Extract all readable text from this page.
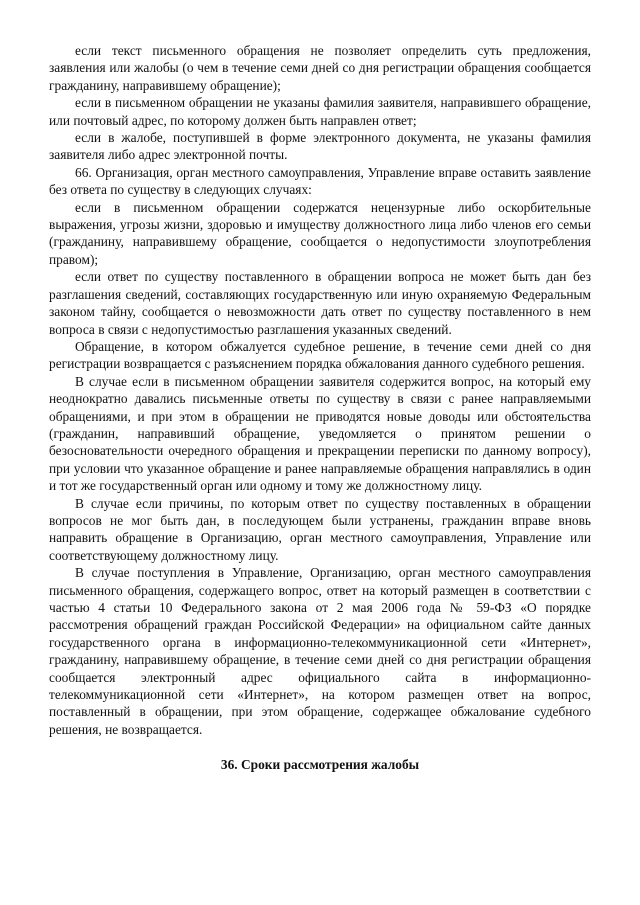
если текст письменного обращения не позволяет определить суть предложения, заявления или жалобы (о чем в течение семи дней со дня регистрации обращения сообщается гражданину, направившему обращение);

если в письменном обращении не указаны фамилия заявителя, направившего обращение, или почтовый адрес, по которому должен быть направлен ответ;

если в жалобе, поступившей в форме электронного документа, не указаны фамилия заявителя либо адрес электронной почты.

66. Организация, орган местного самоуправления, Управление вправе оставить заявление без ответа по существу в следующих случаях:

если в письменном обращении содержатся нецензурные либо оскорбительные выражения, угрозы жизни, здоровью и имуществу должностного лица либо членов его семьи (гражданину, направившему обращение, сообщается о недопустимости злоупотребления правом);

если ответ по существу поставленного в обращении вопроса не может быть дан без разглашения сведений, составляющих государственную или иную охраняемую Федеральным законом тайну, сообщается о невозможности дать ответ по существу поставленного в нем вопроса в связи с недопустимостью разглашения указанных сведений.

Обращение, в котором обжалуется судебное решение, в течение семи дней со дня регистрации возвращается с разъяснением порядка обжалования данного судебного решения.

В случае если в письменном обращении заявителя содержится вопрос, на который ему неоднократно давались письменные ответы по существу в связи с ранее направляемыми обращениями, и при этом в обращении не приводятся новые доводы или обстоятельства (гражданин, направивший обращение, уведомляется о принятом решении о безосновательности очередного обращения и прекращении переписки по данному вопросу), при условии что указанное обращение и ранее направляемые обращения направлялись в один и тот же государственный орган или одному и тому же должностному лицу.

В случае если причины, по которым ответ по существу поставленных в обращении вопросов не мог быть дан, в последующем были устранены, гражданин вправе вновь направить обращение в Организацию, орган местного самоуправления, Управление или соответствующему должностному лицу.

В случае поступления в Управление, Организацию, орган местного самоуправления письменного обращения, содержащего вопрос, ответ на который размещен в соответствии с частью 4 статьи 10 Федерального закона от 2 мая 2006 года № 59-ФЗ «О порядке рассмотрения обращений граждан Российской Федерации» на официальном сайте данных государственного органа в информационно-телекоммуникационной сети «Интернет», гражданину, направившему обращение, в течение семи дней со дня регистрации обращения сообщается электронный адрес официального сайта в информационно-телекоммуникационной сети «Интернет», на котором размещен ответ на вопрос, поставленный в обращении, при этом обращение, содержащее обжалование судебного решения, не возвращается.

36. Сроки рассмотрения жалобы
